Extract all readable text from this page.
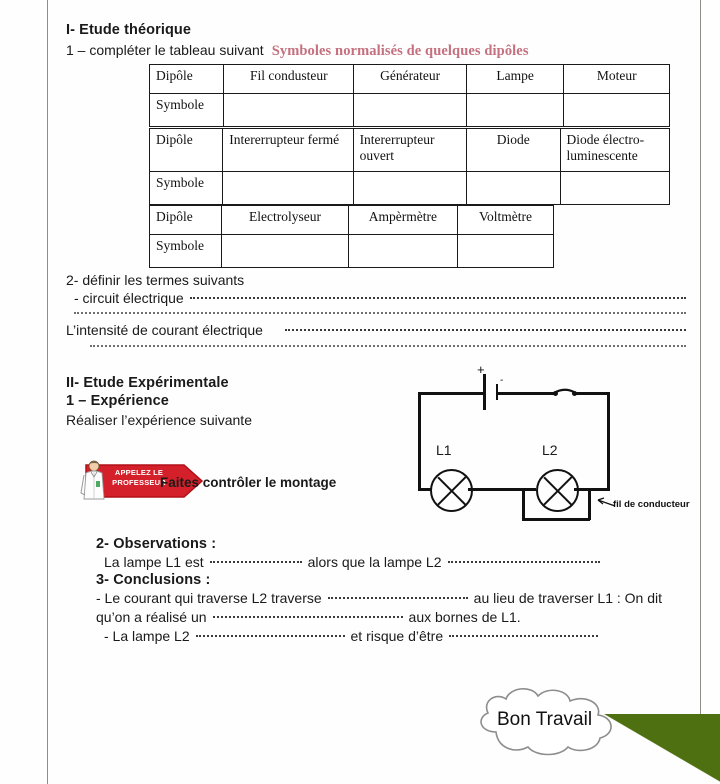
I- Etude théorique
1 – compléter le tableau suivant Symboles normalisés de quelques dipôles
Dipôle	Fil condusteur	Générateur	Lampe	Moteur
Symbole				
Dipôle	Intererrupteur fermé	Intererrupteur ouvert	Diode	Diode électro-luminescente
Symbole				
Dipôle	Electrolyseur	Ampèrmètre	Voltmètre
Symbole			
2- définir les termes suivants
- circuit électrique
L’intensité de courant électrique
II- Etude Expérimentale
1 – Expérience
Réaliser l’expérience suivante
APPELEZ LE
PROFESSEUR
Faites contrôler le montage
+
-
L1	L2
fil de conducteur
2- Observations :
La lampe L1 est	alors que la lampe L2
3- Conclusions :
- Le courant qui traverse L2 traverse	au lieu de traverser L1 : On dit
qu’on a réalisé un	aux bornes de L1.
- La lampe L2	et risque d’être
Bon Travail
